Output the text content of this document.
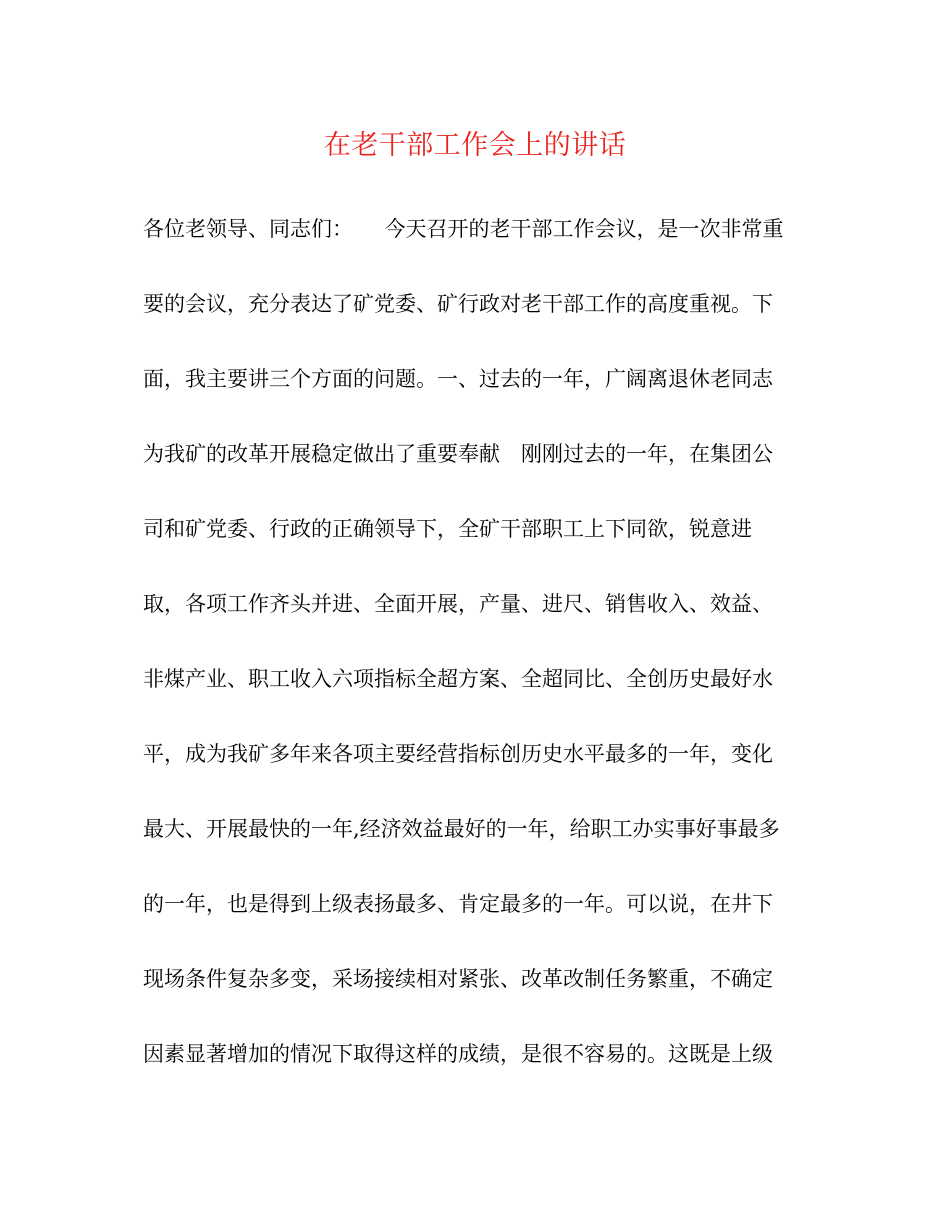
在老干部工作会上的讲话
各位老领导、同志们：　　今天召开的老干部工作会议，是一次非常重
要的会议，充分表达了矿党委、矿行政对老干部工作的高度重视。下
面，我主要讲三个方面的问题。一、过去的一年，广阔离退休老同志
为我矿的改革开展稳定做出了重要奉献　刚刚过去的一年，在集团公
司和矿党委、行政的正确领导下，全矿干部职工上下同欲，锐意进
取，各项工作齐头并进、全面开展，产量、进尺、销售收入、效益、
非煤产业、职工收入六项指标全超方案、全超同比、全创历史最好水
平，成为我矿多年来各项主要经营指标创历史水平最多的一年，变化
最大、开展最快的一年,经济效益最好的一年，给职工办实事好事最多
的一年，也是得到上级表扬最多、肯定最多的一年。可以说，在井下
现场条件复杂多变，采场接续相对紧张、改革改制任务繁重，不确定
因素显著增加的情况下取得这样的成绩，是很不容易的。这既是上级
